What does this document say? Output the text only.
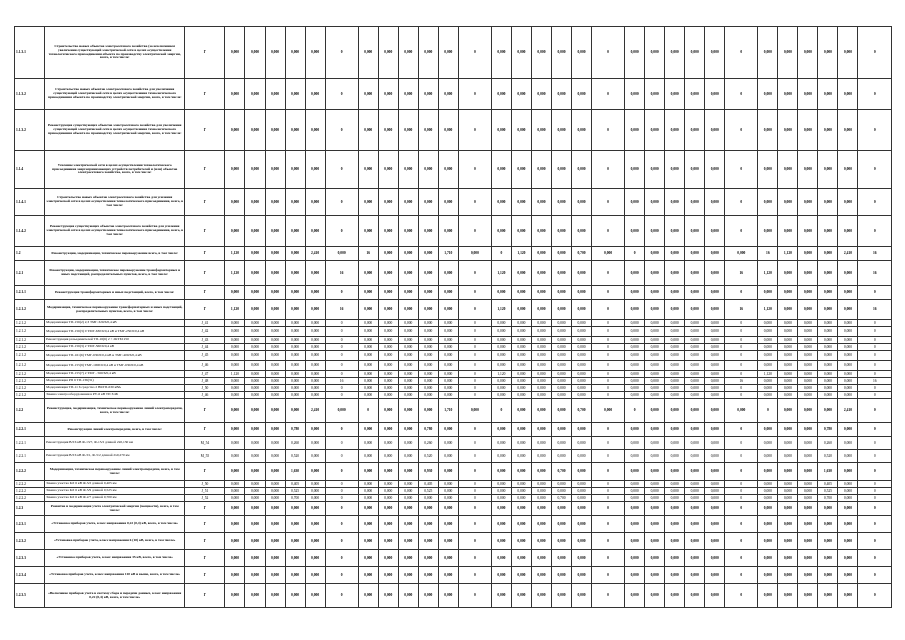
1.1.3.1	Строительство новых объектов электросетевого хозяйства (за исключением увеличения существующей электрической сети в целях осуществления технологического присоединения объекта по производству электрической энергии, всего, в том числе:	Г	0,000	0,000	0,000	0,000	0,000	0	0,000	0,000	0,000	0,000	0,000	0	0,000	0,000	0,000	0,000	0,000	0	0,000	0,000	0,000	0,000	0,000	0	0,000	0,000	0,000	0,000	0,000	0
1.1.3.2	Строительство новых объектов электросетевого хозяйства для увеличения существующей электрической сети в целях осуществления технологического присоединения объекта по производству электрической энергии, всего, в том числе:	Г	0,000	0,000	0,000	0,000	0,000	0	0,000	0,000	0,000	0,000	0,000	0	0,000	0,000	0,000	0,000	0,000	0	0,000	0,000	0,000	0,000	0,000	0	0,000	0,000	0,000	0,000	0,000	0
1.1.3.2	Реконструкция существующих объектов электросетевого хозяйства для увеличения существующей электрической сети в целях осуществления технологического присоединения объекта по производству электрической энергии, всего, в том числе:	Г	0,000	0,000	0,000	0,000	0,000	0	0,000	0,000	0,000	0,000	0,000	0	0,000	0,000	0,000	0,000	0,000	0	0,000	0,000	0,000	0,000	0,000	0	0,000	0,000	0,000	0,000	0,000	0
1.1.4	Усиление электрической сети в целях осуществления технологического присоединения энергопринимающих устройств потребителей и (или) объектов электросетевого хозяйства, всего, в том числе:	Г	0,000	0,000	0,000	0,000	0,000	0	0,000	0,000	0,000	0,000	0,000	0	0,000	0,000	0,000	0,000	0,000	0	0,000	0,000	0,000	0,000	0,000	0	0,000	0,000	0,000	0,000	0,000	0
1.1.4.1	Строительство новых объектов электросетевого хозяйства для усиления электрической сети в целях осуществления технологического присоединения, всего, в том числе:	Г	0,000	0,000	0,000	0,000	0,000	0	0,000	0,000	0,000	0,000	0,000	0	0,000	0,000	0,000	0,000	0,000	0	0,000	0,000	0,000	0,000	0,000	0	0,000	0,000	0,000	0,000	0,000	0
1.1.4.2	Реконструкция существующих объектов электросетевого хозяйства для усиления электрической сети в целях осуществления технологического присоединения, всего, в том числе:	Г	0,000	0,000	0,000	0,000	0,000	0	0,000	0,000	0,000	0,000	0,000	0	0,000	0,000	0,000	0,000	0,000	0	0,000	0,000	0,000	0,000	0,000	0	0,000	0,000	0,000	0,000	0,000	0
1.2	Реконструкция, модернизация, техническое перевооружение всего, в том числе:	Г	1,120	0,000	0,000	0,000	2,410	0,000	16	0,000	0,000	0,000	1,710	0,000	0	1,120	0,000	0,000	0,700	0,000	0	0,000	0,000	0,000	0,000	0,000	16	1,120	0,000	0,000	2,410	16
1.2.1	Реконструкция, модернизация, техническое перевооружение трансформаторных и иных подстанций, распределительных пунктов, всего, в том числе:	Г	1,120	0,000	0,000	0,000	0,000	16	0,000	0,000	0,000	0,000	0,000	0	1,120	0,000	0,000	0,000	0,000	0	0,000	0,000	0,000	0,000	0,000	16	1,120	0,000	0,000	0,000	0,000	16
1.2.1.1	Реконструкция трансформаторных и иных подстанций, всего, в том числе:	Г	0,000	0,000	0,000	0,000	0,000	0	0,000	0,000	0,000	0,000	0,000	0	0,000	0,000	0,000	0,000	0,000	0	0,000	0,000	0,000	0,000	0,000	0	0,000	0,000	0,000	0,000	0,000	0
1.2.1.2	Модернизация, техническое перевооружение трансформаторных и иных подстанций, распределительных пунктов, всего, в том числе:	Г	1,120	0,000	0,000	0,000	0,000	16	0,000	0,000	0,000	0,000	0,000	0	1,120	0,000	0,000	0,000	0,000	0	0,000	0,000	0,000	0,000	0,000	16	1,120	0,000	0,000	0,000	0,000	16
1.2.1.2	Модернизация ТП-156(2) 2,3 ТМГ-320/6/0,4 кВ	J_41	0,000	0,000	0,000	0,000	0,000	0	0,000	0,000	0,000	0,000	0,000	0	0,000	0,000	0,000	0,000	0,000	0	0,000	0,000	0,000	0,000	0,000	0	0,000	0,000	0,000	0,000	0,000	0
1.2.1.2	Модернизация ТП-156(3) 0 ТМГ-630/6/0,4 кВ и ТМГ-250/6/0,4 кВ	J_42	0,000	0,000	0,000	0,000	0,000	0	0,000	0,000	0,000	0,000	0,000	0	0,000	0,000	0,000	0,000	0,000	0	0,000	0,000	0,000	0,000	0,000	0	0,000	0,000	0,000	0,000	0,000	0
1.2.1.2	Реконструкция разъединителей ТП-16(6) 2 × 2КТМ 250	J_43	0,000	0,000	0,000	0,000	0,000	0	0,000	0,000	0,000	0,000	0,000	0	0,000	0,000	0,000	0,000	0,000	0	0,000	0,000	0,000	0,000	0,000	0	0,000	0,000	0,000	0,000	0,000	0
1.2.1.2	Модернизация ТП-156(3) 2 ТМГ-560/6/0,4 кВ	J_44	0,000	0,000	0,000	0,000	0,000	0	0,000	0,000	0,000	0,000	0,000	0	0,000	0,000	0,000	0,000	0,000	0	0,000	0,000	0,000	0,000	0,000	0	0,000	0,000	0,000	0,000	0,000	0
1.2.1.2	Модернизация ТП-161(6) ТМГ-630/6/0,4 кВ и ТМГ-400/6/0,4 кВ	J_45	0,000	0,000	0,000	0,000	0,000	0	0,000	0,000	0,000	0,000	0,000	0	0,000	0,000	0,000	0,000	0,000	0	0,000	0,000	0,000	0,000	0,000	0	0,000	0,000	0,000	0,000	0,000	0
1.2.1.2	Модернизация ТП-155(9) ТМГ-1000/6/0,4 кВ и ТМГ-630/6/0,4 кВ	J_46	0,000	0,000	0,000	0,000	0,000	0	0,000	0,000	0,000	0,000	0,000	0	0,000	0,000	0,000	0,000	0,000	0	0,000	0,000	0,000	0,000	0,000	0	0,000	0,000	0,000	0,000	0,000	0
1.2.1.2	Модернизация ТП-155(7) 2 ТМГ - 560/6/0,4 кВ	J_47	1,120	0,000	0,000	0,000	0,000	0	0,000	0,000	0,000	0,000	0,000	0	1,120	0,000	0,000	0,000	0,000	0	0,000	0,000	0,000	0,000	0,000	0	1,120	0,000	0,000	0,000	0,000	0
1.2.1.2	Модернизация РП 6 ТП-136(31)	J_48	0,000	0,000	0,000	0,000	0,000	16	0,000	0,000	0,000	0,000	0,000	0	0,000	0,000	0,000	0,000	0,000	0	0,000	0,000	0,000	0,000	0,000	16	0,000	0,000	0,000	0,000	0,000	16
1.2.1.2	Модернизация ТП-11 6 средство 2 ВКТП-630 кВА	J_50	0,000	0,000	0,000	0,000	0,000	0	0,000	0,000	0,000	0,000	0,000	0	0,000	0,000	0,000	0,000	0,000	0	0,000	0,000	0,000	0,000	0,000	0	0,000	0,000	0,000	0,000	0,000	0
1.2.1.2	Замена электрооборудования в РУ-6 кВ ТП 3/4Б	J_46	0,000	0,000	0,000	0,000	0,000	0	0,000	0,000	0,000	0,000	0,000	0	0,000	0,000	0,000	0,000	0,000	0	0,000	0,000	0,000	0,000	0,000	0	0,000	0,000	0,000	0,000	0,000	0
1.2.2	Реконструкция, модернизация, техническое перевооружение линий электропередачи, всего, в том числе:	Г	0,000	0,000	0,000	0,000	2,410	0,000	0	0,000	0,000	0,000	1,710	0,000	0	0,000	0,000	0,000	0,700	0,000	0	0,000	0,000	0,000	0,000	0,000	0	0,000	0,000	0,000	2,410	0
1.2.2.1	Реконструкция линий электропередачи, всего, в том числе:	Г	0,000	0,000	0,000	0,780	0,000	0	0,000	0,000	0,000	0,780	0,000	0	0,000	0,000	0,000	0,000	0,000	0	0,000	0,000	0,000	0,000	0,000	0	0,000	0,000	0,000	0,780	0,000	0
1.2.2.1	Реконструкция ВЛ 6 кВ Ф-13/7, Ф-15/2 длиной 2х0,130 км	M_54	0,000	0,000	0,000	0,260	0,000	0	0,000	0,000	0,000	0,260	0,000	0	0,000	0,000	0,000	0,000	0,000	0	0,000	0,000	0,000	0,000	0,000	0	0,000	0,000	0,000	0,260	0,000	0
1.2.2.1	Реконструкция ВЛ 6 кВ Ф-3/1, Ф-5/2 длиной 2х0,270 км	M_55	0,000	0,000	0,000	0,520	0,000	0	0,000	0,000	0,000	0,520	0,000	0	0,000	0,000	0,000	0,000	0,000	0	0,000	0,000	0,000	0,000	0,000	0	0,000	0,000	0,000	0,520	0,000	0
1.2.2.2	Модернизация, техническое перевооружение линий электропередачи, всего, в том числе:	Г	0,000	0,000	0,000	1,630	0,000	0	0,000	0,000	0,000	0,930	0,000	0	0,000	0,000	0,000	0,700	0,000	0	0,000	0,000	0,000	0,000	0,000	0	0,000	0,000	0,000	1,630	0,000	0
1.2.2.2	Замена участка КЛ 6 кВ Ф-3/2 длиной 0,405 км	J_50	0,000	0,000	0,000	0,405	0,000	0	0,000	0,000	0,000	0,405	0,000	0	0,000	0,000	0,000	0,000	0,000	0	0,000	0,000	0,000	0,000	0,000	0	0,000	0,000	0,000	0,405	0,000	0
1.2.2.2	Замена участка КЛ 6 кВ Ф-5/9 длиной 0,525 км	J_51	0,000	0,000	0,000	0,525	0,000	0	0,000	0,000	0,000	0,525	0,000	0	0,000	0,000	0,000	0,000	0,000	0	0,000	0,000	0,000	0,000	0,000	0	0,000	0,000	0,000	0,525	0,000	0
1.2.2.2	Замена участка КЛ 6 кВ Ф-2/7 длиной 0,700 км	J_52	0,000	0,000	0,000	0,700	0,000	0	0,000	0,000	0,000	0,000	0,000	0	0,000	0,000	0,000	0,700	0,000	0	0,000	0,000	0,000	0,000	0,000	0	0,000	0,000	0,000	0,700	0,000	0
1.2.3	Развитие и модернизация учета электрической энергии (мощности), всего, в том числе:	Г	0,000	0,000	0,000	0,000	0,000	0	0,000	0,000	0,000	0,000	0,000	0	0,000	0,000	0,000	0,000	0,000	0	0,000	0,000	0,000	0,000	0,000	0	0,000	0,000	0,000	0,000	0,000	0
1.2.3.1	«Установка приборов учета, класс напряжения 0,22 (0,4) кВ, всего, в том числе»	Г	0,000	0,000	0,000	0,000	0,000	0	0,000	0,000	0,000	0,000	0,000	0	0,000	0,000	0,000	0,000	0,000	0	0,000	0,000	0,000	0,000	0,000	0	0,000	0,000	0,000	0,000	0,000	0
1.2.3.2	«Установка приборов учета, класс напряжения 6 (10) кВ, всего, в том числе»	Г	0,000	0,000	0,000	0,000	0,000	0	0,000	0,000	0,000	0,000	0,000	0	0,000	0,000	0,000	0,000	0,000	0	0,000	0,000	0,000	0,000	0,000	0	0,000	0,000	0,000	0,000	0,000	0
1.2.3.3	«Установка приборов учета, класс напряжения 35 кВ, всего, в том числе»	Г	0,000	0,000	0,000	0,000	0,000	0	0,000	0,000	0,000	0,000	0,000	0	0,000	0,000	0,000	0,000	0,000	0	0,000	0,000	0,000	0,000	0,000	0	0,000	0,000	0,000	0,000	0,000	0
1.2.3.4	«Установка приборов учета, класс напряжения 110 кВ и выше, всего, в том числе»	Г	0,000	0,000	0,000	0,000	0,000	0	0,000	0,000	0,000	0,000	0,000	0	0,000	0,000	0,000	0,000	0,000	0	0,000	0,000	0,000	0,000	0,000	0	0,000	0,000	0,000	0,000	0,000	0
1.2.3.5	«Включение приборов учета в систему сбора и передачи данных, класс напряжения 0,22 (0,4) кВ, всего, в том числе»	Г	0,000	0,000	0,000	0,000	0,000	0	0,000	0,000	0,000	0,000	0,000	0	0,000	0,000	0,000	0,000	0,000	0	0,000	0,000	0,000	0,000	0,000	0	0,000	0,000	0,000	0,000	0,000	0
